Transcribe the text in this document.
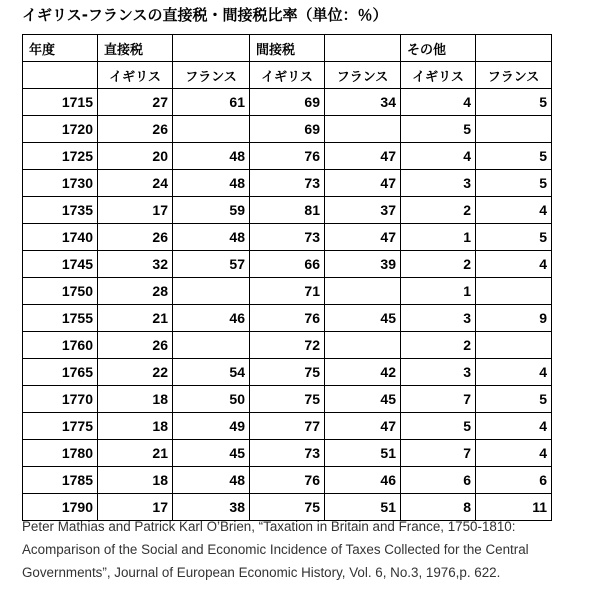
イギリス-フランスの直接税・間接税比率（単位：％）
年度	直接税		間接税		その他	
	イギリス	フランス	イギリス	フランス	イギリス	フランス
1715	27	61	69	34	4	5
1720	26		69		5	
1725	20	48	76	47	4	5
1730	24	48	73	47	3	5
1735	17	59	81	37	2	4
1740	26	48	73	47	1	5
1745	32	57	66	39	2	4
1750	28		71		1	
1755	21	46	76	45	3	9
1760	26		72		2	
1765	22	54	75	42	3	4
1770	18	50	75	45	7	5
1775	18	49	77	47	5	4
1780	21	45	73	51	7	4
1785	18	48	76	46	6	6
1790	17	38	75	51	8	11
Peter Mathias and Patrick Karl O’Brien, “Taxation in Britain and France, 1750-1810:
Acomparison of the Social and Economic Incidence of Taxes Collected for the Central
Governments”, Journal of European Economic History, Vol. 6, No.3, 1976,p. 622.
